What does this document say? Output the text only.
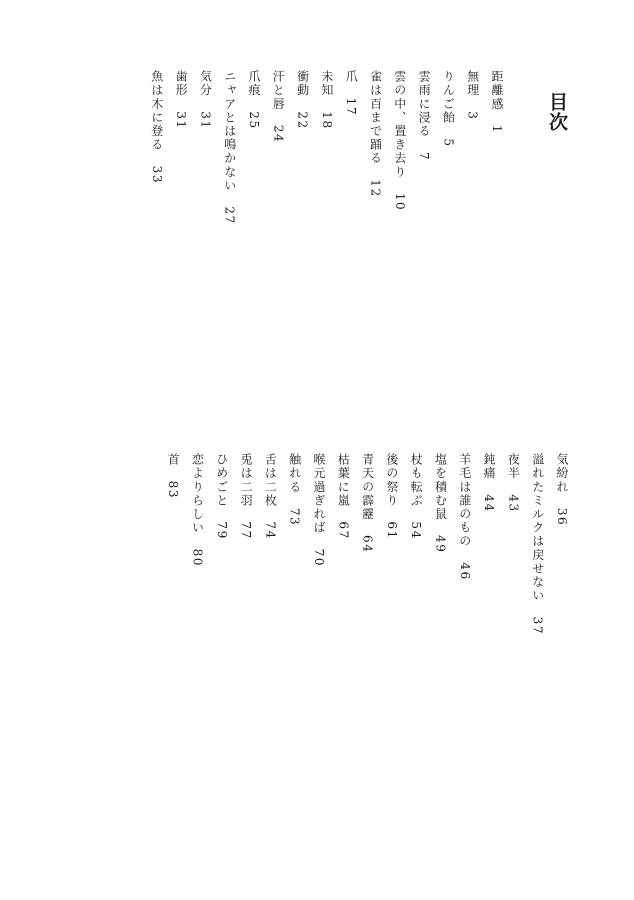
目次
距離感1
無理3
りんご飴5
雲雨に浸る7
雲の中、置き去り10
雀は百まで踊る12
爪17
未知18
衝動22
汗と唇24
爪痕25
ニャアとは鳴かない27
気分31
歯形31
魚は木に登る33
気紛れ36
溢れたミルクは戻せない37
夜半43
鈍痛44
羊毛は誰のもの46
塩を積む鼠49
杖も転ぶ54
後の祭り61
青天の霹靂64
枯葉に嵐67
喉元過ぎれば70
触れる73
舌は二枚74
兎は二羽77
ひめごと79
恋よりらしい80
首83
